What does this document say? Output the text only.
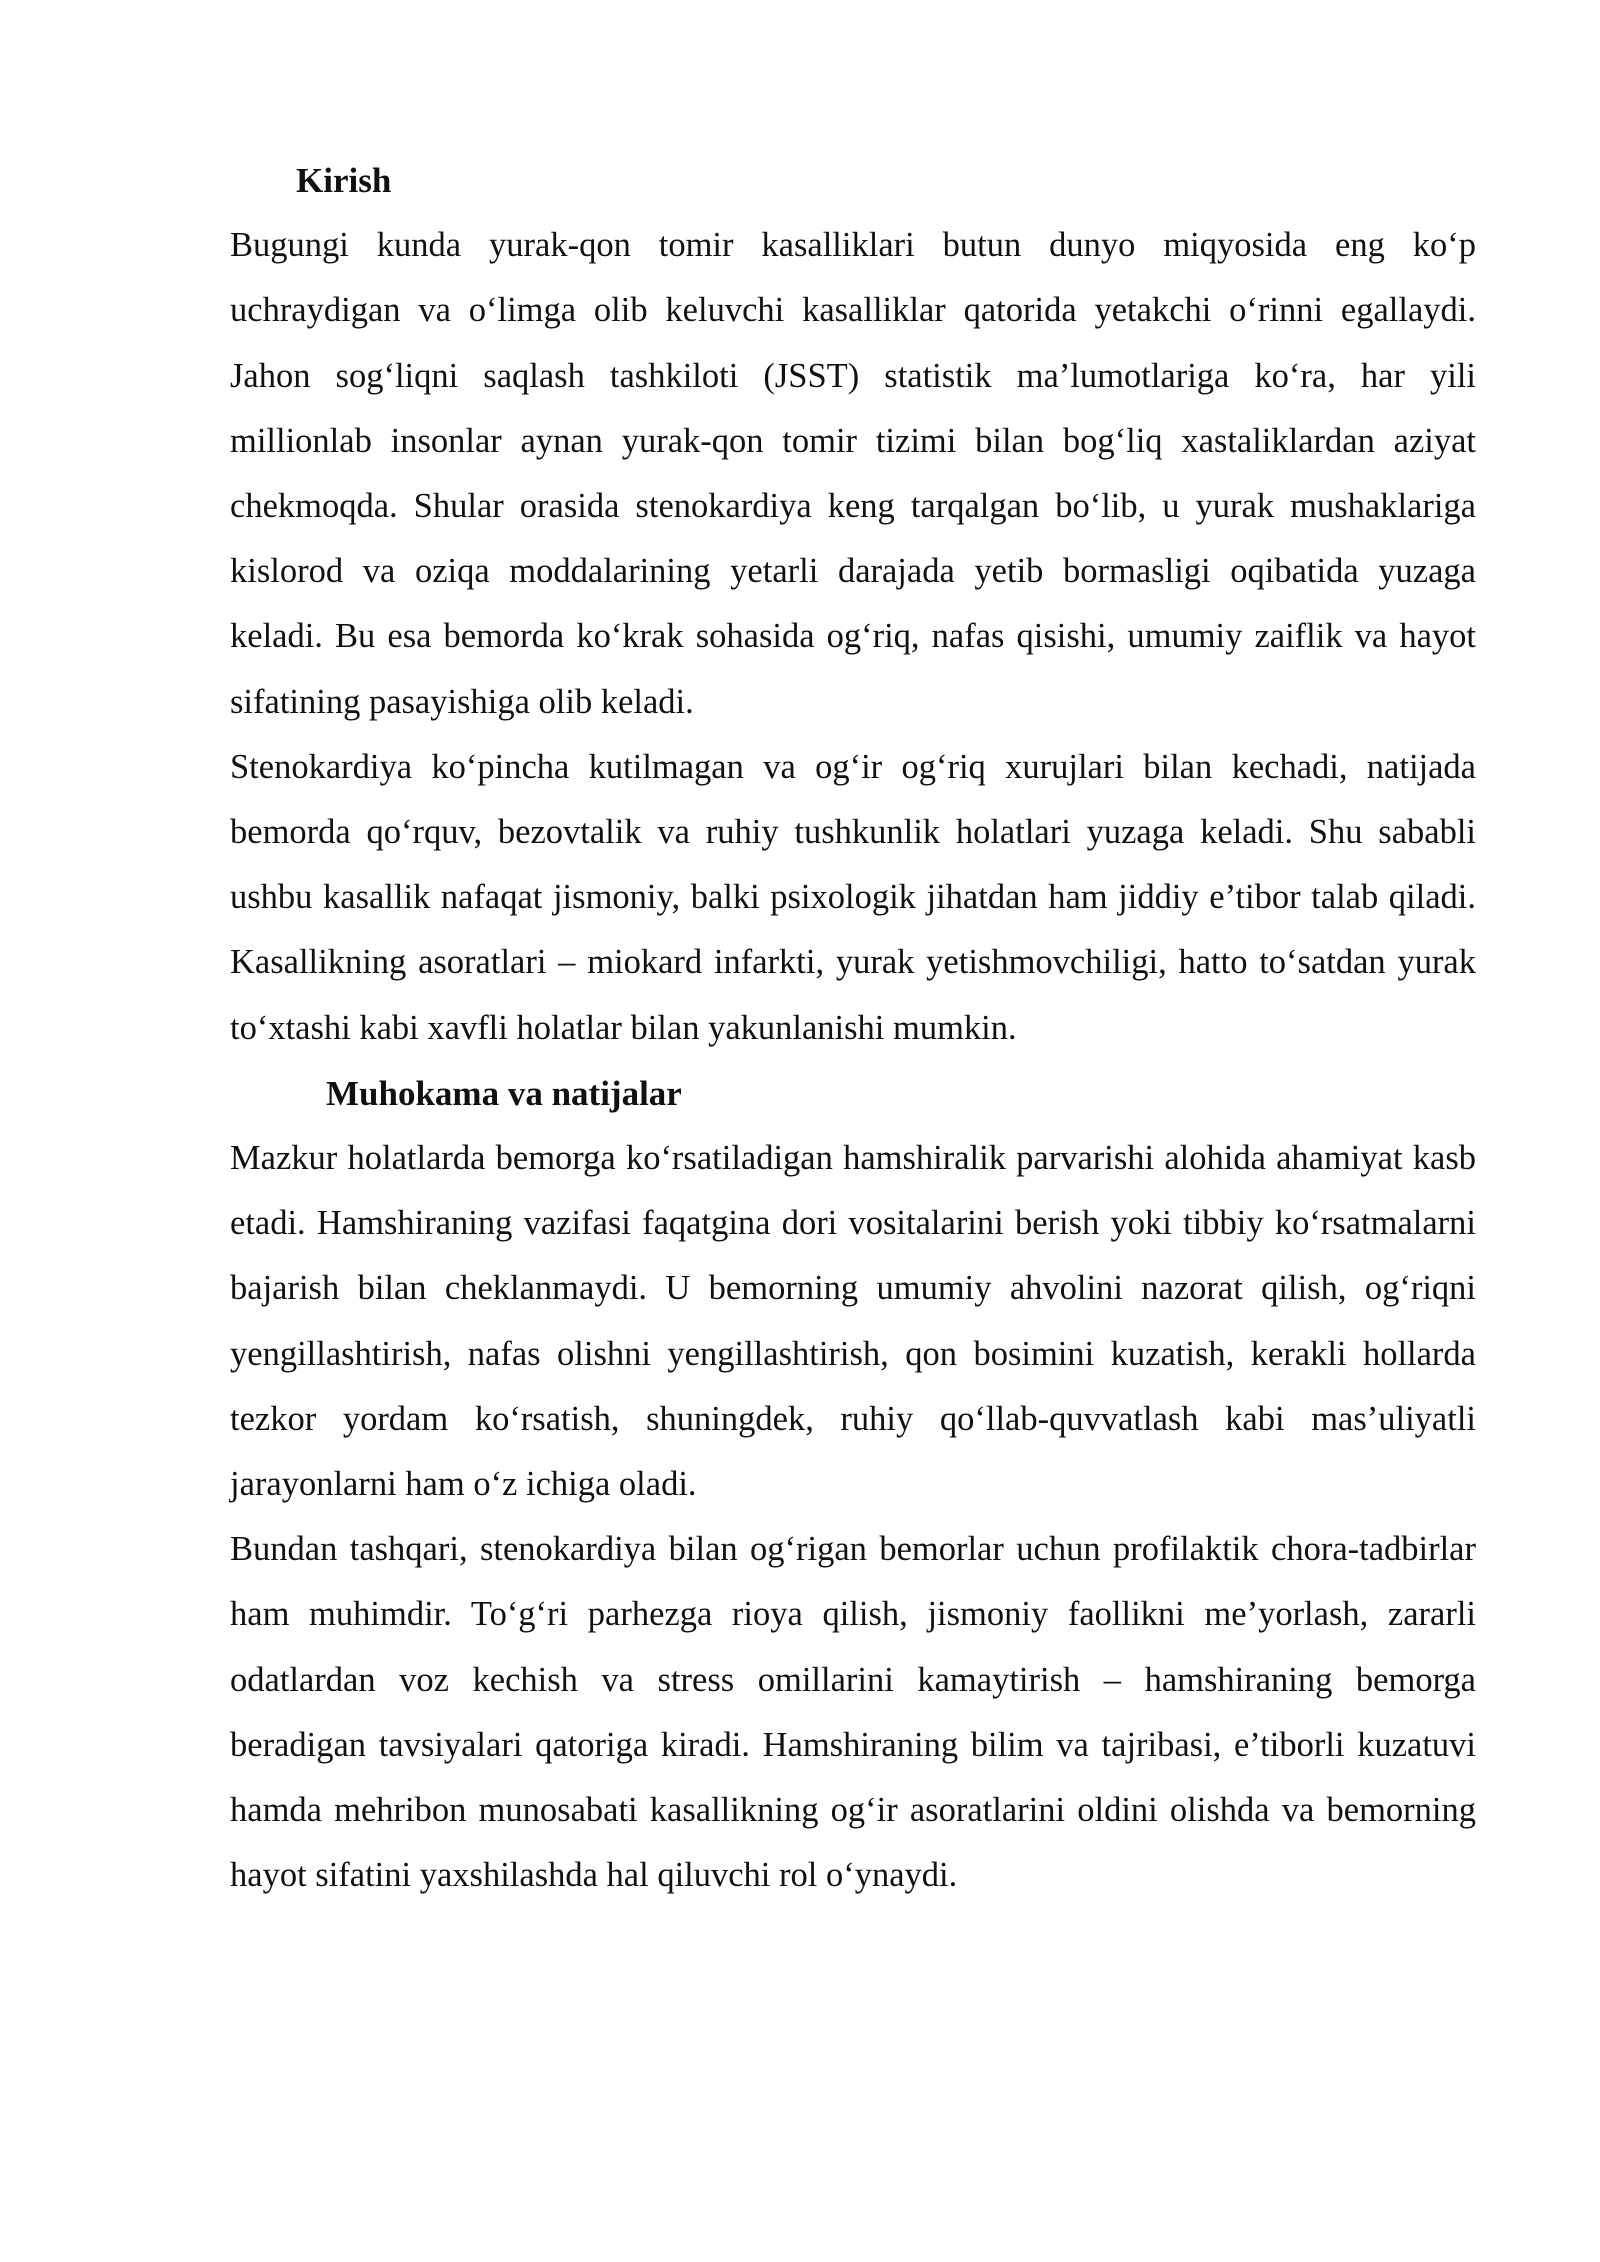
Kirish

Bugungi kunda yurak-qon tomir kasalliklari butun dunyo miqyosida eng ko‘p uchraydigan va o‘limga olib keluvchi kasalliklar qatorida yetakchi o‘rinni egallaydi. Jahon sog‘liqni saqlash tashkiloti (JSST) statistik ma’lumotlariga ko‘ra, har yili millionlab insonlar aynan yurak-qon tomir tizimi bilan bog‘liq xastaliklardan aziyat chekmoqda. Shular orasida stenokardiya keng tarqalgan bo‘lib, u yurak mushaklariga kislorod va oziqa moddalarining yetarli darajada yetib bormasligi oqibatida yuzaga keladi. Bu esa bemorda ko‘krak sohasida og‘riq, nafas qisishi, umumiy zaiflik va hayot sifatining pasayishiga olib keladi.

Stenokardiya ko‘pincha kutilmagan va og‘ir og‘riq xurujlari bilan kechadi, natijada bemorda qo‘rquv, bezovtalik va ruhiy tushkunlik holatlari yuzaga keladi. Shu sababli ushbu kasallik nafaqat jismoniy, balki psixologik jihatdan ham jiddiy e’tibor talab qiladi. Kasallikning asoratlari – miokard infarkti, yurak yetishmovchiligi, hatto to‘satdan yurak to‘xtashi kabi xavfli holatlar bilan yakunlanishi mumkin.

Muhokama va natijalar

Mazkur holatlarda bemorga ko‘rsatiladigan hamshiralik parvarishi alohida ahamiyat kasb etadi. Hamshiraning vazifasi faqatgina dori vositalarini berish yoki tibbiy ko‘rsatmalarni bajarish bilan cheklanmaydi. U bemorning umumiy ahvolini nazorat qilish, og‘riqni yengillashtirish, nafas olishni yengillashtirish, qon bosimini kuzatish, kerakli hollarda tezkor yordam ko‘rsatish, shuningdek, ruhiy qo‘llab-quvvatlash kabi mas’uliyatli jarayonlarni ham o‘z ichiga oladi.

Bundan tashqari, stenokardiya bilan og‘rigan bemorlar uchun profilaktik chora-tadbirlar ham muhimdir. To‘g‘ri parhezga rioya qilish, jismoniy faollikni me’yorlash, zararli odatlardan voz kechish va stress omillarini kamaytirish – hamshiraning bemorga beradigan tavsiyalari qatoriga kiradi. Hamshiraning bilim va tajribasi, e’tiborli kuzatuvi hamda mehribon munosabati kasallikning og‘ir asoratlarini oldini olishda va bemorning hayot sifatini yaxshilashda hal qiluvchi rol o‘ynaydi.
